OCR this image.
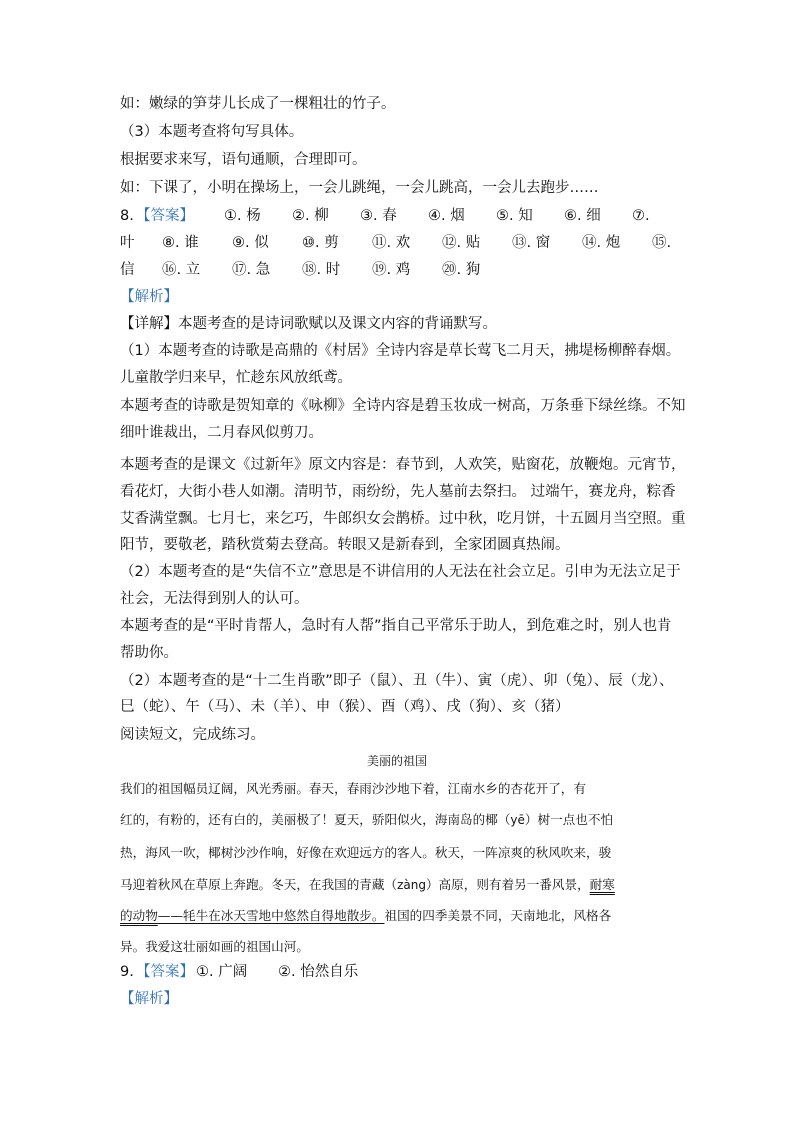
如：嫩绿的笋芽儿长成了一棵粗壮的竹子。
（3）本题考查将句写具体。
根据要求来写，语句通顺，合理即可。
如：下课了，小明在操场上，一会儿跳绳，一会儿跳高，一会儿去跑步……
8. 【答案】 ①. 杨 ②. 柳 ③. 春 ④. 烟 ⑤. 知 ⑥. 细 ⑦.
叶 ⑧. 谁 ⑨. 似 ⑩. 剪 ⑪. 欢 ⑫. 贴 ⑬. 窗 ⑭. 炮 ⑮.
信 ⑯. 立 ⑰. 急 ⑱. 时 ⑲. 鸡 ⑳. 狗
【解析】
【详解】本题考查的是诗词歌赋以及课文内容的背诵默写。
（1）本题考查的诗歌是高鼎的《村居》全诗内容是草长莺飞二月天，拂堤杨柳醉春烟。
儿童散学归来早，忙趁东风放纸鸢。
本题考查的诗歌是贺知章的《咏柳》全诗内容是碧玉妆成一树高，万条垂下绿丝绦。不知
细叶谁裁出，二月春风似剪刀。
本题考查的是课文《过新年》原文内容是：春节到，人欢笑，贴窗花，放鞭炮。元宵节，
看花灯，大街小巷人如潮。清明节，雨纷纷，先人墓前去祭扫。 过端午，赛龙舟，粽香
艾香满堂飘。七月七，来乞巧，牛郎织女会鹊桥。过中秋，吃月饼，十五圆月当空照。重
阳节，要敬老，踏秋赏菊去登高。转眼又是新春到，全家团圆真热闹。
（2）本题考查的是“失信不立”意思是不讲信用的人无法在社会立足。引申为无法立足于
社会，无法得到别人的认可。
本题考查的是“平时肯帮人，急时有人帮”指自己平常乐于助人，到危难之时，别人也肯
帮助你。
（2）本题考查的是“十二生肖歌”即子（鼠）、丑（牛）、寅（虎）、卯（兔）、辰（龙）、
巳（蛇）、午（马）、未（羊）、申（猴）、酉（鸡）、戌（狗）、亥（猪）
阅读短文，完成练习。
美丽的祖国
我们的祖国幅员辽阔，风光秀丽。春天，春雨沙沙地下着，江南水乡的杏花开了，有
红的，有粉的，还有白的，美丽极了！夏天，骄阳似火，海南岛的椰（yē）树一点也不怕
热，海风一吹，椰树沙沙作响，好像在欢迎远方的客人。秋天，一阵凉爽的秋风吹来，骏
马迎着秋风在草原上奔跑。冬天，在我国的青藏（zàng）高原，则有着另一番风景，耐寒
的动物——牦牛在冰天雪地中悠然自得地散步。祖国的四季美景不同，天南地北，风格各
异。我爱这壮丽如画的祖国山河。
9. 【答案】 ①. 广阔 ②. 怡然自乐
【解析】
